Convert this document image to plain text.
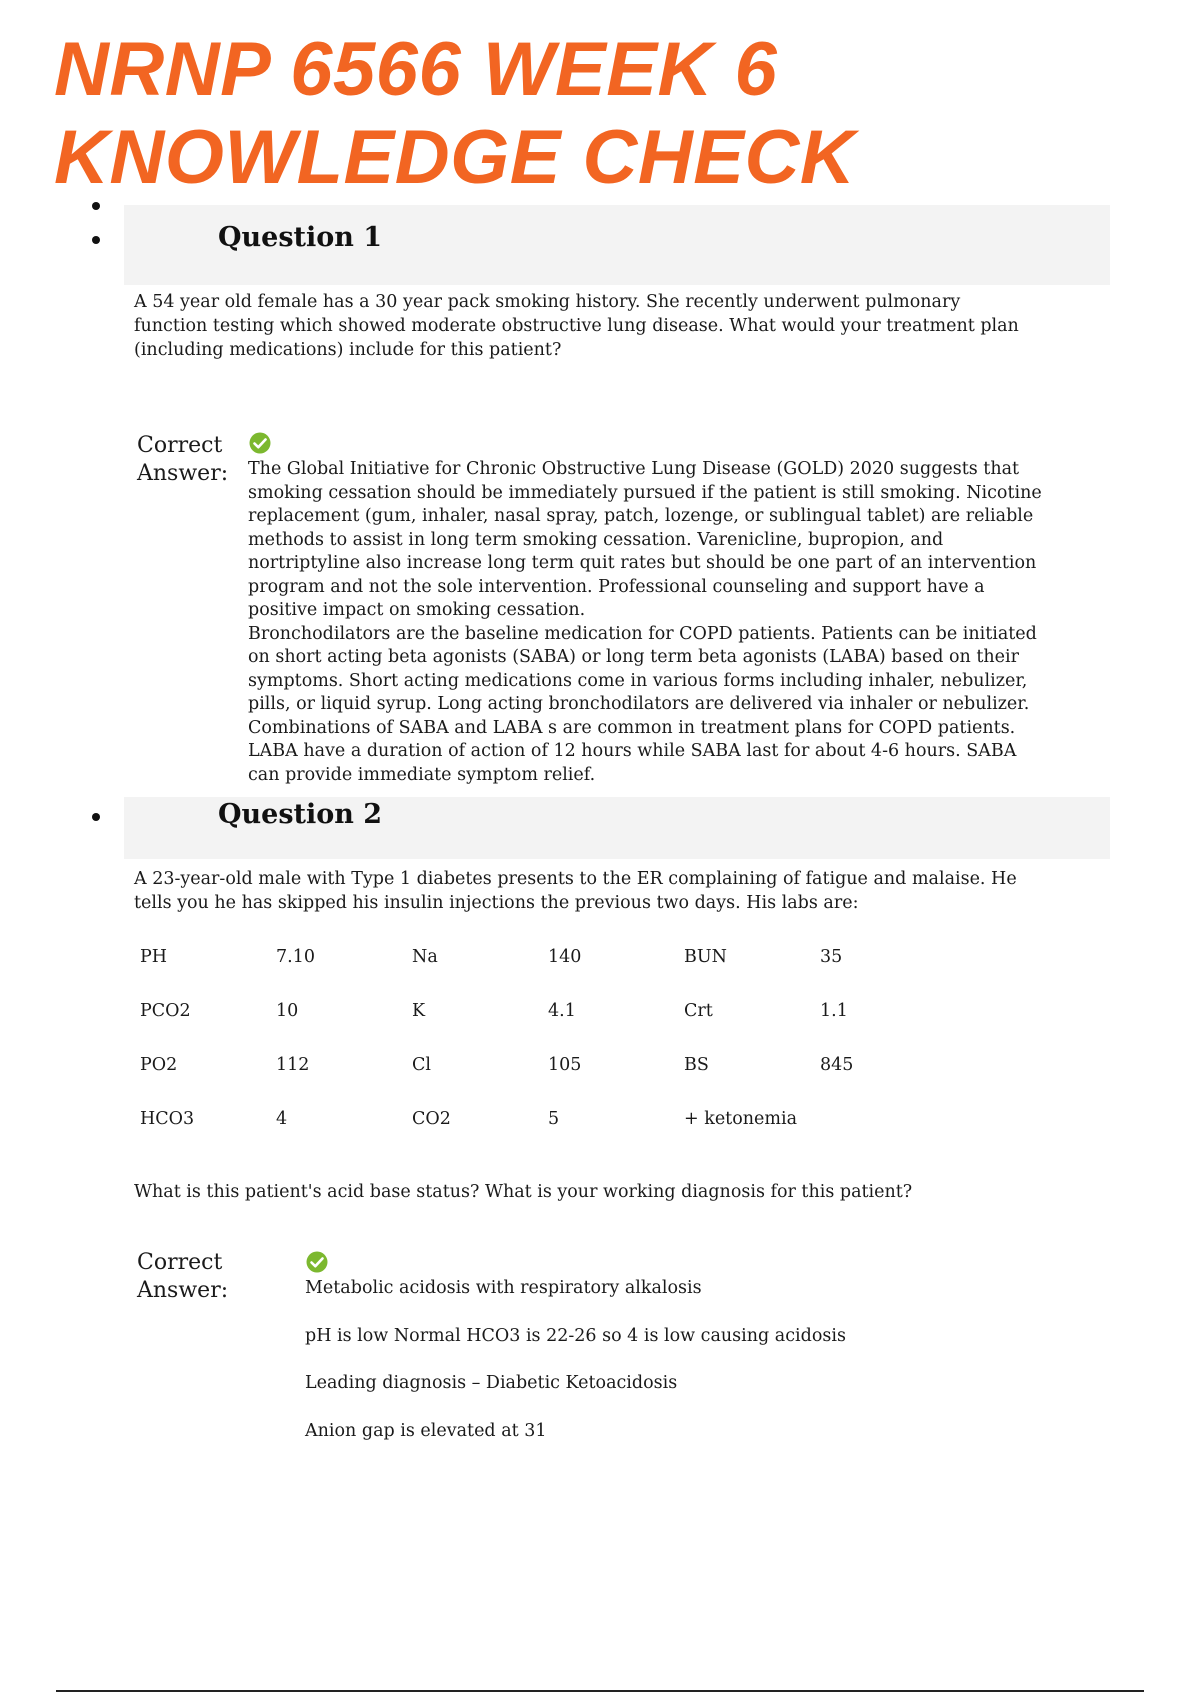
NRNP 6566 WEEK 6 KNOWLEDGE CHECK
Question 1

A 54 year old female has a 30 year pack smoking history. She recently underwent pulmonary function testing which showed moderate obstructive lung disease. What would your treatment plan (including medications) include for this patient?

Correct Answer:	The Global Initiative for Chronic Obstructive Lung Disease (GOLD) 2020 suggests that smoking cessation should be immediately pursued if the patient is still smoking. Nicotine replacement (gum, inhaler, nasal spray, patch, lozenge, or sublingual tablet) are reliable methods to assist in long term smoking cessation. Varenicline, bupropion, and nortriptyline also increase long term quit rates but should be one part of an intervention program and not the sole intervention. Professional counseling and support have a positive impact on smoking cessation.

Bronchodilators are the baseline medication for COPD patients. Patients can be initiated on short acting beta agonists (SABA) or long term beta agonists (LABA) based on their symptoms. Short acting medications come in various forms including inhaler, nebulizer, pills, or liquid syrup. Long acting bronchodilators are delivered via inhaler or nebulizer. Combinations of SABA and LABA s are common in treatment plans for COPD patients. LABA have a duration of action of 12 hours while SABA last for about 4-6 hours. SABA can provide immediate symptom relief.

Question 2

A 23-year-old male with Type 1 diabetes presents to the ER complaining of fatigue and malaise. He tells you he has skipped his insulin injections the previous two days. His labs are:

PH	7.10	Na	140	BUN	35
PCO2	10	K	4.1	Crt	1.1
PO2	112	Cl	105	BS	845
HCO3	4	CO2	5	+ ketonemia	

What is this patient's acid base status? What is your working diagnosis for this patient?

Correct Answer:	Metabolic acidosis with respiratory alkalosis

pH is low Normal HCO3 is 22-26 so 4 is low causing acidosis

Leading diagnosis – Diabetic Ketoacidosis

Anion gap is elevated at 31
